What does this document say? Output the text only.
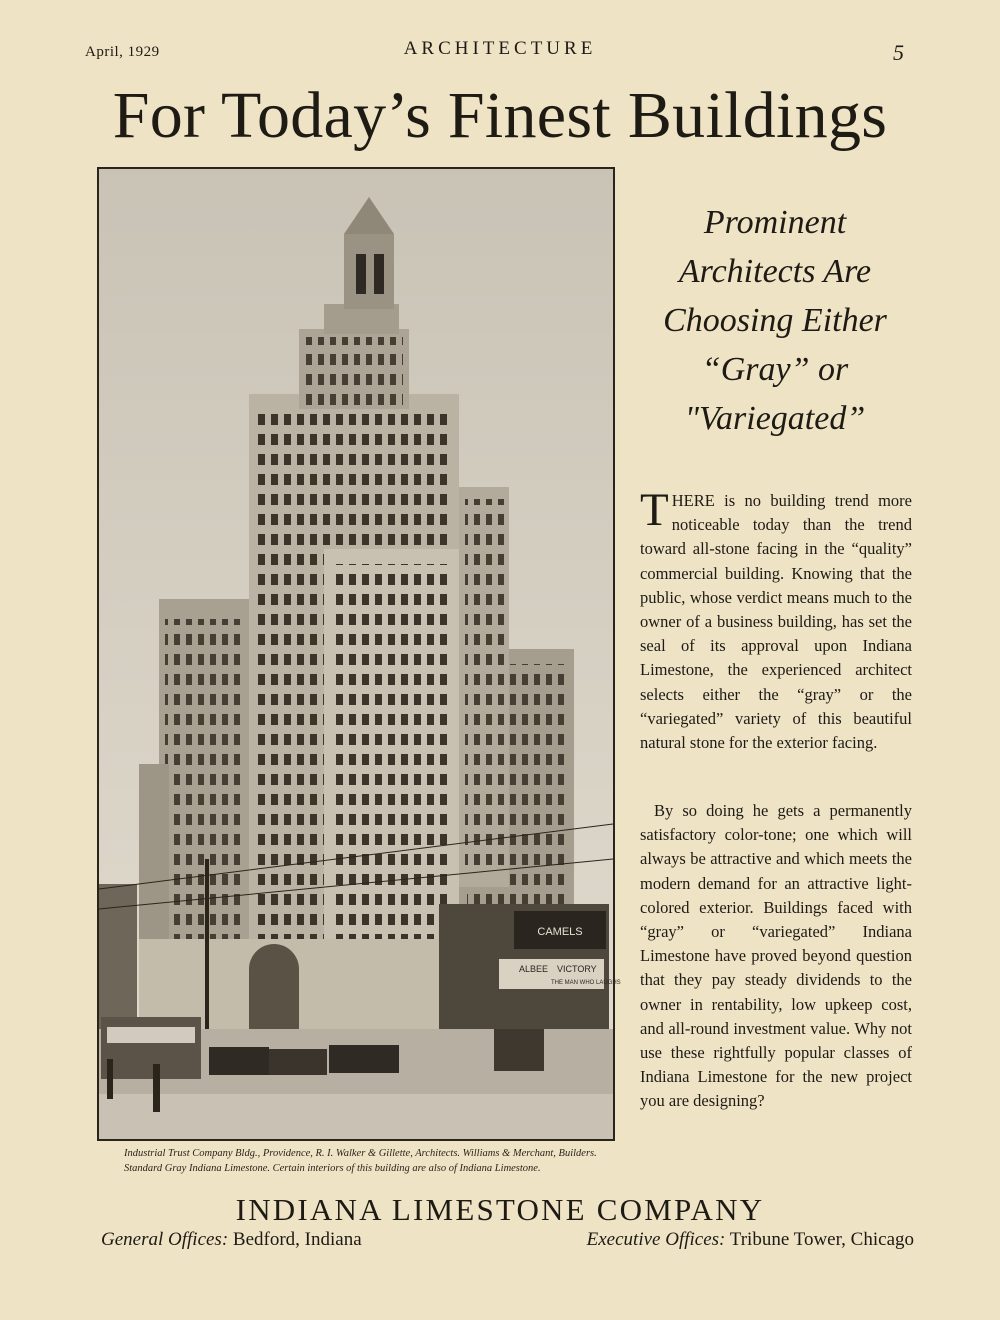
April, 1929	ARCHITECTURE	5
For Today’s Finest Buildings
CAMELS
ALBEE VICTORY
THE MAN WHO LAUGHS
Industrial Trust Company Bldg., Providence, R. I. Walker & Gillette, Architects. Williams & Merchant, Builders. Standard Gray Indiana Limestone. Certain interiors of this building are also of Indiana Limestone.
Prominent
Architects Are
Choosing Either
“Gray” or
"Variegated”
THERE is no building trend more noticeable today than the trend toward all-stone facing in the “quality” commercial building. Knowing that the public, whose verdict means much to the owner of a business building, has set the seal of its approval upon Indiana Limestone, the experienced architect selects either the “gray” or the “variegated” variety of this beautiful natural stone for the exterior facing.
By so doing he gets a permanently satisfactory color-tone; one which will always be attractive and which meets the modern demand for an attractive light-colored exterior. Buildings faced with “gray” or “variegated” Indiana Limestone have proved beyond question that they pay steady dividends to the owner in rentability, low upkeep cost, and all-round investment value. Why not use these rightfully popular classes of Indiana Limestone for the new project you are designing?
INDIANA LIMESTONE COMPANY
General Offices: Bedford, Indiana	Executive Offices: Tribune Tower, Chicago
